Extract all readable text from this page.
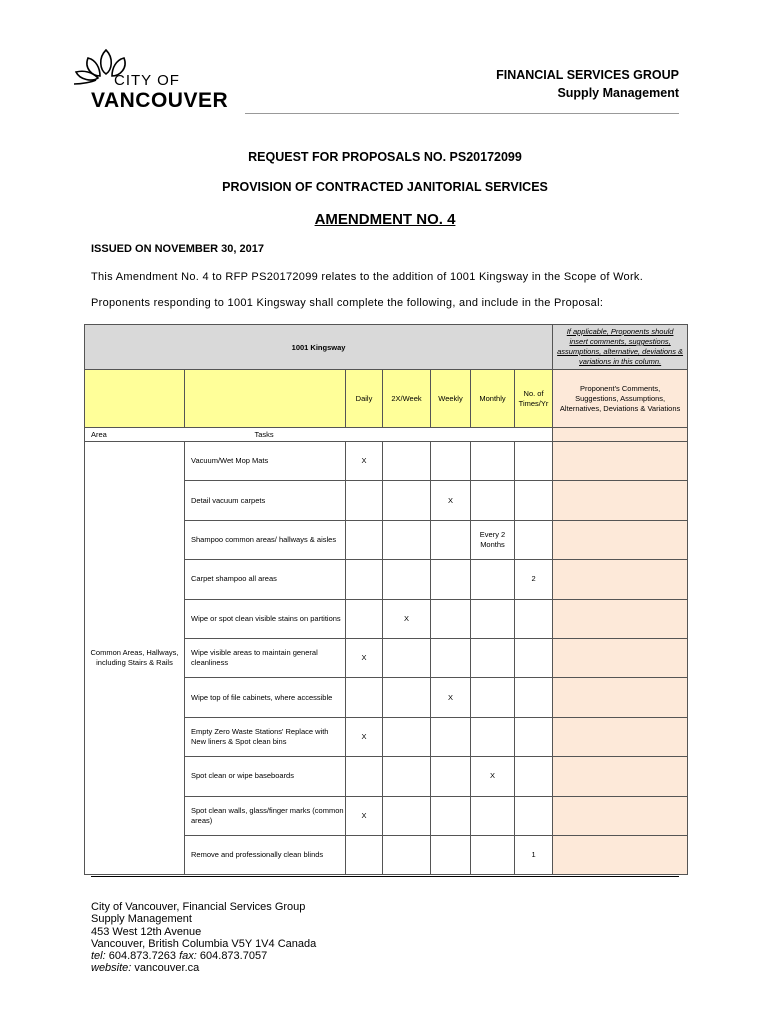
CITY OF
VANCOUVER
FINANCIAL SERVICES GROUP
Supply Management
REQUEST FOR PROPOSALS NO. PS20172099
PROVISION OF CONTRACTED JANITORIAL SERVICES
AMENDMENT NO. 4
ISSUED ON NOVEMBER 30, 2017
This Amendment No. 4 to RFP PS20172099 relates to the addition of 1001 Kingsway in the Scope of Work.
Proponents responding to 1001 Kingsway shall complete the following, and include in the Proposal:
1001 Kingsway							If applicable, Proponents should insert comments, suggestions, assumptions, alternative, deviations & variations in this column.
		Daily	2X/Week	Weekly	Monthly	No. of Times/Yr	Proponent's Comments, Suggestions, Assumptions, Alternatives, Deviations & Variations
Area	Tasks						
Common Areas, Hallways, including Stairs & Rails	Vacuum/Wet Mop Mats	X					
	Detail vacuum carpets			X			
	Shampoo common areas/ hallways & aisles				Every 2 Months		
	Carpet shampoo all areas					2	
	Wipe or spot clean visible stains on partitions		X				
	Wipe visible areas to maintain general cleanliness	X					
	Wipe top of file cabinets, where accessible			X			
	Empty Zero Waste Stations' Replace with New liners & Spot clean bins	X					
	Spot clean or wipe baseboards				X		
	Spot clean walls, glass/finger marks (common areas)	X					
	Remove and professionally clean blinds					1	
City of Vancouver, Financial Services Group
Supply Management
453 West 12th Avenue
Vancouver, British Columbia V5Y 1V4 Canada
tel: 604.873.7263 fax: 604.873.7057
website: vancouver.ca
